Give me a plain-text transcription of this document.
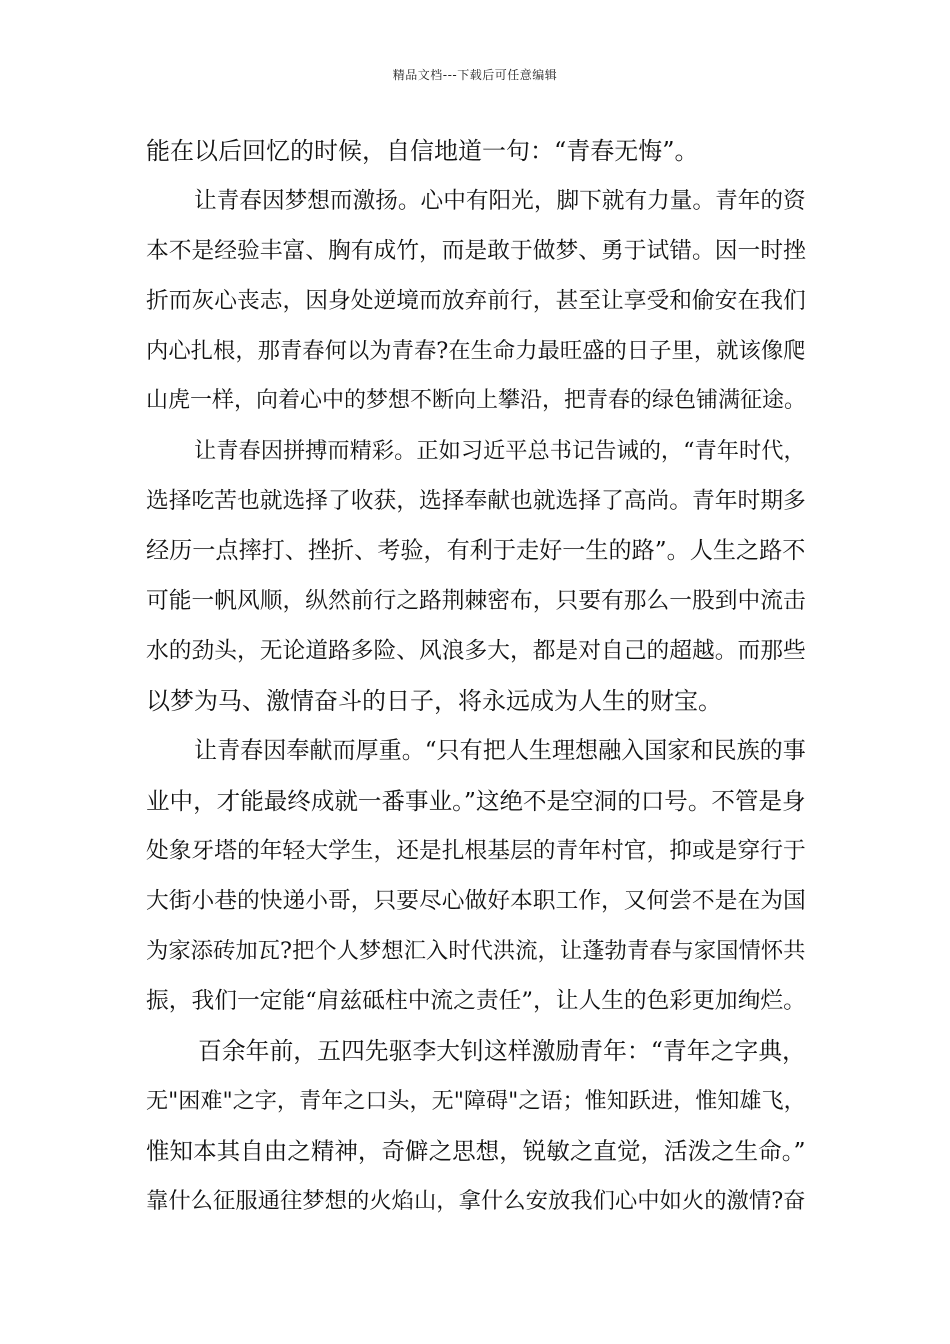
精品文档---下载后可任意编辑
能在以后回忆的时候，自信地道一句：“青春无悔”。
让青春因梦想而激扬。心中有阳光，脚下就有力量。青年的资
本不是经验丰富、胸有成竹，而是敢于做梦、勇于试错。因一时挫
折而灰心丧志，因身处逆境而放弃前行，甚至让享受和偷安在我们
内心扎根，那青春何以为青春?在生命力最旺盛的日子里，就该像爬
山虎一样，向着心中的梦想不断向上攀沿，把青春的绿色铺满征途。
让青春因拼搏而精彩。正如习近平总书记告诫的，“青年时代，
选择吃苦也就选择了收获，选择奉献也就选择了高尚。青年时期多
经历一点摔打、挫折、考验，有利于走好一生的路”。人生之路不
可能一帆风顺，纵然前行之路荆棘密布，只要有那么一股到中流击
水的劲头，无论道路多险、风浪多大，都是对自己的超越。而那些
以梦为马、激情奋斗的日子，将永远成为人生的财宝。
让青春因奉献而厚重。“只有把人生理想融入国家和民族的事
业中，才能最终成就一番事业。”这绝不是空洞的口号。不管是身
处象牙塔的年轻大学生，还是扎根基层的青年村官，抑或是穿行于
大街小巷的快递小哥，只要尽心做好本职工作，又何尝不是在为国
为家添砖加瓦?把个人梦想汇入时代洪流，让蓬勃青春与家国情怀共
振，我们一定能“肩兹砥柱中流之责任”，让人生的色彩更加绚烂。
百余年前，五四先驱李大钊这样激励青年：“青年之字典，
无"困难"之字，青年之口头，无"障碍"之语；惟知跃进，惟知雄飞，
惟知本其自由之精神，奇僻之思想，锐敏之直觉，活泼之生命。”
靠什么征服通往梦想的火焰山，拿什么安放我们心中如火的激情?奋
